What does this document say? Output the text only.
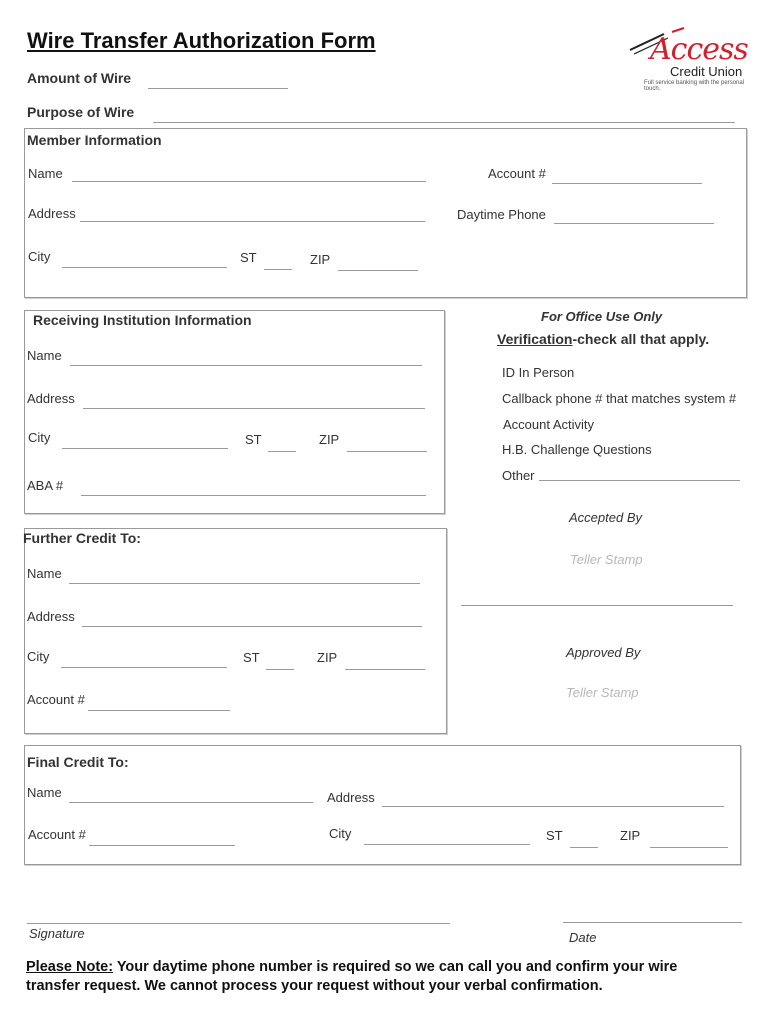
Wire Transfer Authorization Form
Amount of Wire
Purpose of Wire
Access
Credit Union
Full service banking with the personal touch.
Member Information
Name	Account #
Address	Daytime Phone
City	ST	ZIP
Receiving Institution Information
Name
Address
City	ST	ZIP
ABA #
For Office Use Only
Verification-check all that apply.
ID In Person
Callback phone # that matches system #
Account Activity
H.B. Challenge Questions
Other
Accepted By
Teller Stamp
Approved By
Teller Stamp
Further Credit To:
Name
Address
City	ST	ZIP
Account #
Final Credit To:
Name	Address
Account #	City	ST	ZIP
Signature	Date
Please Note: Your daytime phone number is required so we can call you and confirm your wire transfer request. We cannot process your request without your verbal confirmation.
